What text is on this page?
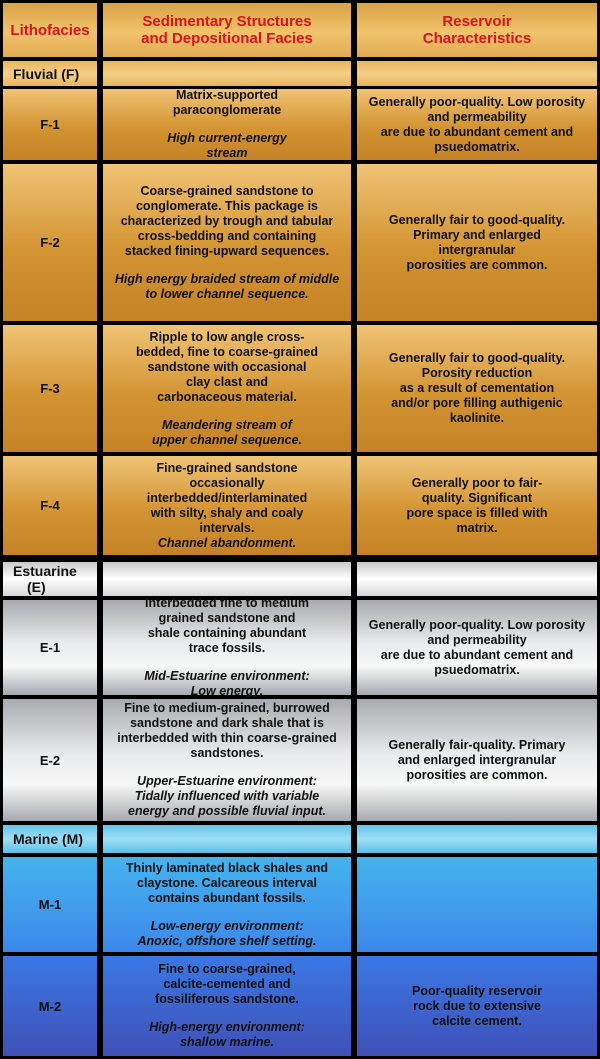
Lithofacies	Sedimentary Structures
and Depositional Facies
Reservoir
Characteristics
Fluvial (F)
F-1
Matrix-supported
paraconglomerate
High current-energy
stream
Generally poor-quality. Low porosity
and permeability
are due to abundant cement and
psuedomatrix.
F-2
Coarse-grained sandstone to
conglomerate. This package is
characterized by trough and tabular
cross-bedding and containing
stacked fining-upward sequences.
High energy braided stream of middle
to lower channel sequence.
Generally fair to good-quality.
Primary and enlarged
intergranular
porosities are common.
F-3
Ripple to low angle cross-
bedded, fine to coarse-grained
sandstone with occasional
clay clast and
carbonaceous material.
Meandering stream of
upper channel sequence.
Generally fair to good-quality.
Porosity reduction
as a result of cementation
and/or pore filling authigenic
kaolinite.
F-4
Fine-grained sandstone
occasionally
interbedded/interlaminated
with silty, shaly and coaly
intervals.
Channel abandonment.
Generally poor to fair-
quality. Significant
pore space is filled with
matrix.
Estuarine
(E)
E-1
Interbedded fine to medium
grained sandstone and
shale containing abundant
trace fossils.
Mid-Estuarine environment:
Low energy.
Generally poor-quality. Low porosity
and permeability
are due to abundant cement and
psuedomatrix.
E-2
Fine to medium-grained, burrowed
sandstone and dark shale that is
interbedded with thin coarse-grained
sandstones.
Upper-Estuarine environment:
Tidally influenced with variable
energy and possible fluvial input.
Generally fair-quality. Primary
and enlarged intergranular
porosities are common.
Marine (M)
M-1
Thinly laminated black shales and
claystone. Calcareous interval
contains abundant fossils.
Low-energy environment:
Anoxic, offshore shelf setting.
M-2
Fine to coarse-grained,
calcite-cemented and
fossiliferous sandstone.
High-energy environment:
shallow marine.
Poor-quality reservoir
rock due to extensive
calcite cement.
